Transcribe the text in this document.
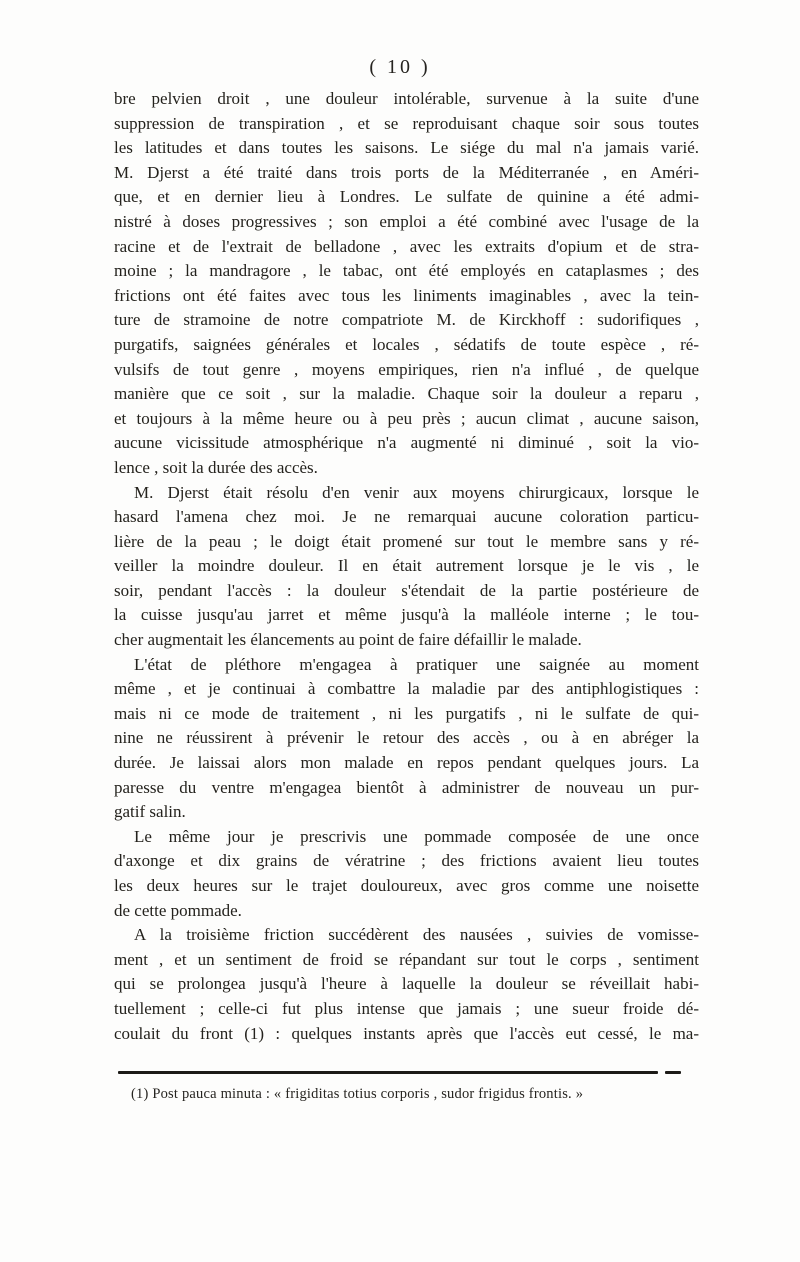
( 10 )
bre pelvien droit , une douleur intolérable, survenue à la suite d'une
suppression de transpiration , et se reproduisant chaque soir sous toutes
les latitudes et dans toutes les saisons. Le siége du mal n'a jamais varié.
M. Djerst a été traité dans trois ports de la Méditerranée , en Améri-
que, et en dernier lieu à Londres. Le sulfate de quinine a été admi-
nistré à doses progressives ; son emploi a été combiné avec l'usage de la
racine et de l'extrait de belladone , avec les extraits d'opium et de stra-
moine ; la mandragore , le tabac, ont été employés en cataplasmes ; des
frictions ont été faites avec tous les liniments imaginables , avec la tein-
ture de stramoine de notre compatriote M. de Kirckhoff : sudorifiques ,
purgatifs, saignées générales et locales , sédatifs de toute espèce , ré-
vulsifs de tout genre , moyens empiriques, rien n'a influé , de quelque
manière que ce soit , sur la maladie. Chaque soir la douleur a reparu ,
et toujours à la même heure ou à peu près ; aucun climat , aucune saison,
aucune vicissitude atmosphérique n'a augmenté ni diminué , soit la vio-
lence , soit la durée des accès.
M. Djerst était résolu d'en venir aux moyens chirurgicaux, lorsque le
hasard l'amena chez moi. Je ne remarquai aucune coloration particu-
lière de la peau ; le doigt était promené sur tout le membre sans y ré-
veiller la moindre douleur. Il en était autrement lorsque je le vis , le
soir, pendant l'accès : la douleur s'étendait de la partie postérieure de
la cuisse jusqu'au jarret et même jusqu'à la malléole interne ; le tou-
cher augmentait les élancements au point de faire défaillir le malade.
L'état de pléthore m'engagea à pratiquer une saignée au moment
même , et je continuai à combattre la maladie par des antiphlogistiques :
mais ni ce mode de traitement , ni les purgatifs , ni le sulfate de qui-
nine ne réussirent à prévenir le retour des accès , ou à en abréger la
durée. Je laissai alors mon malade en repos pendant quelques jours. La
paresse du ventre m'engagea bientôt à administrer de nouveau un pur-
gatif salin.
Le même jour je prescrivis une pommade composée de une once
d'axonge et dix grains de vératrine ; des frictions avaient lieu toutes
les deux heures sur le trajet douloureux, avec gros comme une noisette
de cette pommade.
A la troisième friction succédèrent des nausées , suivies de vomisse-
ment , et un sentiment de froid se répandant sur tout le corps , sentiment
qui se prolongea jusqu'à l'heure à laquelle la douleur se réveillait habi-
tuellement ; celle-ci fut plus intense que jamais ; une sueur froide dé-
coulait du front (1) : quelques instants après que l'accès eut cessé, le ma-
(1) Post pauca minuta : « frigiditas totius corporis , sudor frigidus frontis. »
